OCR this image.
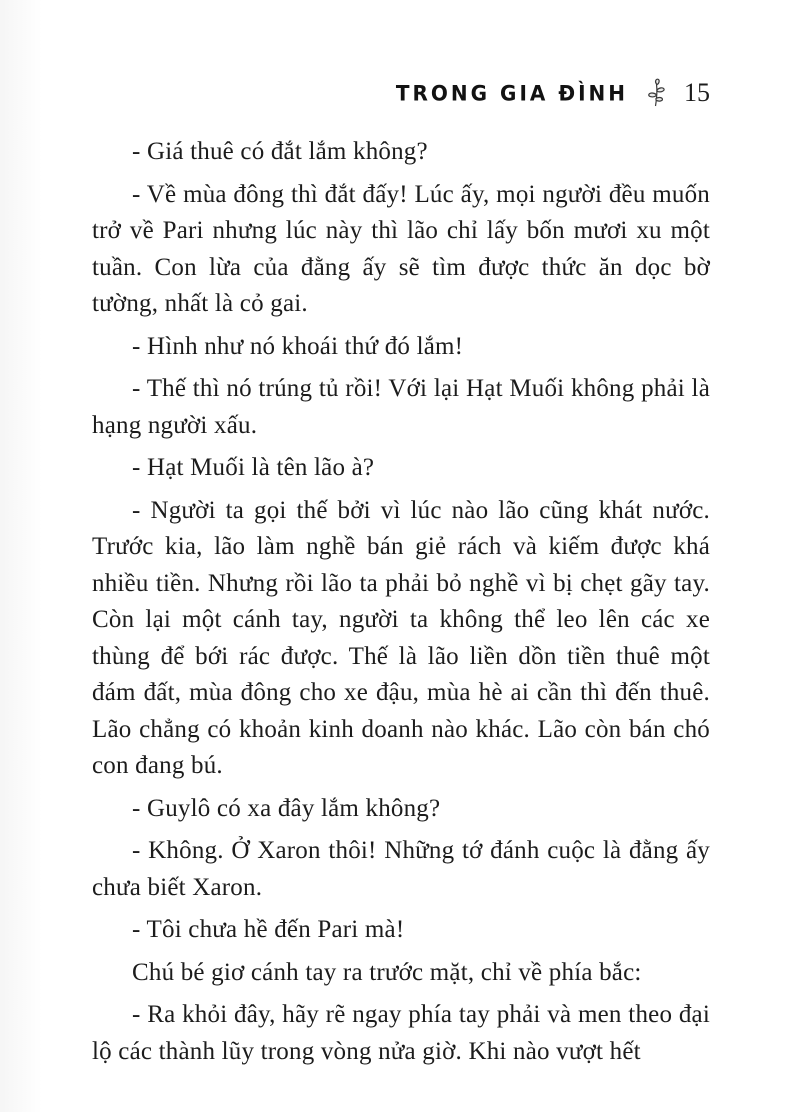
TRONG GIA ĐÌNH 15

- Giá thuê có đắt lắm không?

- Về mùa đông thì đắt đấy! Lúc ấy, mọi người đều muốn trở về Pari nhưng lúc này thì lão chỉ lấy bốn mươi xu một tuần. Con lừa của đằng ấy sẽ tìm được thức ăn dọc bờ tường, nhất là cỏ gai.

- Hình như nó khoái thứ đó lắm!

- Thế thì nó trúng tủ rồi! Với lại Hạt Muối không phải là hạng người xấu.

- Hạt Muối là tên lão à?

- Người ta gọi thế bởi vì lúc nào lão cũng khát nước. Trước kia, lão làm nghề bán giẻ rách và kiếm được khá nhiều tiền. Nhưng rồi lão ta phải bỏ nghề vì bị chẹt gãy tay. Còn lại một cánh tay, người ta không thể leo lên các xe thùng để bới rác được. Thế là lão liền dồn tiền thuê một đám đất, mùa đông cho xe đậu, mùa hè ai cần thì đến thuê. Lão chẳng có khoản kinh doanh nào khác. Lão còn bán chó con đang bú.

- Guylô có xa đây lắm không?

- Không. Ở Xaron thôi! Những tớ đánh cuộc là đằng ấy chưa biết Xaron.

- Tôi chưa hề đến Pari mà!

Chú bé giơ cánh tay ra trước mặt, chỉ về phía bắc:

- Ra khỏi đây, hãy rẽ ngay phía tay phải và men theo đại lộ các thành lũy trong vòng nửa giờ. Khi nào vượt hết
